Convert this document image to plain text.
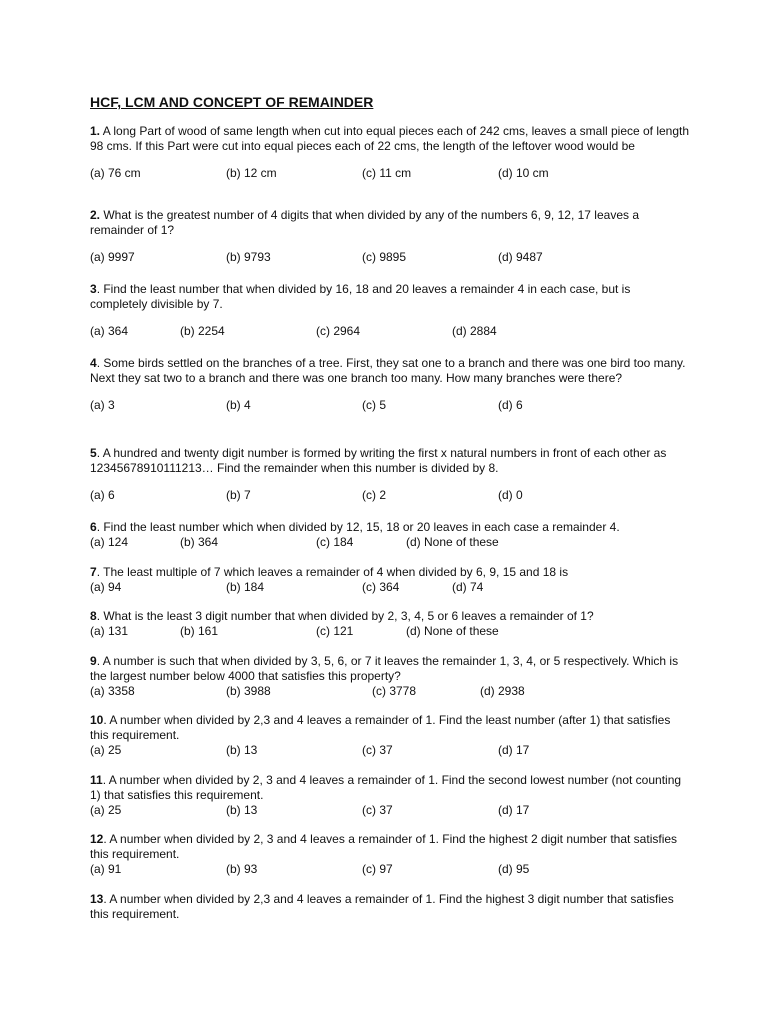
HCF, LCM AND CONCEPT OF REMAINDER

1. A long Part of wood of same length when cut into equal pieces each of 242 cms, leaves a small piece of length 98 cms. If this Part were cut into equal pieces each of 22 cms, the length of the leftover wood would be

(a) 76 cm	(b) 12 cm	(c) 11 cm	(d) 10 cm

2. What is the greatest number of 4 digits that when divided by any of the numbers 6, 9, 12, 17 leaves a remainder of 1?

(a) 9997	(b) 9793	(c) 9895	(d) 9487

3. Find the least number that when divided by 16, 18 and 20 leaves a remainder 4 in each case, but is completely divisible by 7.

(a) 364	(b) 2254	(c) 2964	(d) 2884

4. Some birds settled on the branches of a tree. First, they sat one to a branch and there was one bird too many. Next they sat two to a branch and there was one branch too many. How many branches were there?

(a) 3	(b) 4	(c) 5	(d) 6

5. A hundred and twenty digit number is formed by writing the first x natural numbers in front of each other as 12345678910111213… Find the remainder when this number is divided by 8.

(a) 6	(b) 7	(c) 2	(d) 0

6. Find the least number which when divided by 12, 15, 18 or 20 leaves in each case a remainder 4.

(a) 124	(b) 364	(c) 184	(d) None of these

7. The least multiple of 7 which leaves a remainder of 4 when divided by 6, 9, 15 and 18 is

(a) 94	(b) 184	(c) 364	(d) 74

8. What is the least 3 digit number that when divided by 2, 3, 4, 5 or 6 leaves a remainder of 1?

(a) 131	(b) 161	(c) 121	(d) None of these

9. A number is such that when divided by 3, 5, 6, or 7 it leaves the remainder 1, 3, 4, or 5 respectively. Which is the largest number below 4000 that satisfies this property?

(a) 3358	(b) 3988	(c) 3778	(d) 2938

10. A number when divided by 2,3 and 4 leaves a remainder of 1. Find the least number (after 1) that satisfies this requirement.

(a) 25	(b) 13	(c) 37	(d) 17

11. A number when divided by 2, 3 and 4 leaves a remainder of 1. Find the second lowest number (not counting 1) that satisfies this requirement.

(a) 25	(b) 13	(c) 37	(d) 17

12. A number when divided by 2, 3 and 4 leaves a remainder of 1. Find the highest 2 digit number that satisfies this requirement.

(a) 91	(b) 93	(c) 97	(d) 95

13. A number when divided by 2,3 and 4 leaves a remainder of 1. Find the highest 3 digit number that satisfies this requirement.
